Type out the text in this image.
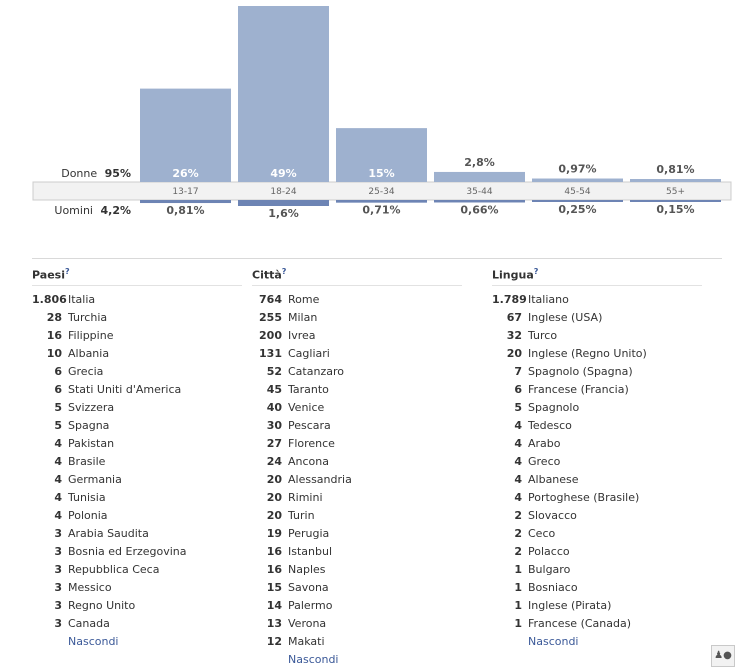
26%	49%	15%
2,8%
0,97%	0,81%
0,81%	1,6%	0,71%	0,66%	0,25%	0,15%
13-17	18-24	25-34	35-44	45-54	55+
Donne 95%
Uomini 4,2%
Paesi?
1.806Italia
28 Turchia
16 Filippine
10 Albania
6 Grecia
6 Stati Uniti d'America
5 Svizzera
5 Spagna
4 Pakistan
4 Brasile
4 Germania
4 Tunisia
4 Polonia
3 Arabia Saudita
3 Bosnia ed Erzegovina
3 Repubblica Ceca
3 Messico
3 Regno Unito
3 Canada
Nascondi
Città?
764 Rome
255 Milan
200 Ivrea
131 Cagliari
52 Catanzaro
45 Taranto
40 Venice
30 Pescara
27 Florence
24 Ancona
20 Alessandria
20 Rimini
20 Turin
19 Perugia
16 Istanbul
16 Naples
15 Savona
14 Palermo
13 Verona
12 Makati
Nascondi
Lingua?
1.789Italiano
67 Inglese (USA)
32 Turco
20 Inglese (Regno Unito)
7 Spagnolo (Spagna)
6 Francese (Francia)
5 Spagnolo
4 Tedesco
4 Arabo
4 Greco
4 Albanese
4 Portoghese (Brasile)
2 Slovacco
2 Ceco
2 Polacco
1 Bulgaro
1 Bosniaco
1 Inglese (Pirata)
1 Francese (Canada)
Nascondi
♟●
